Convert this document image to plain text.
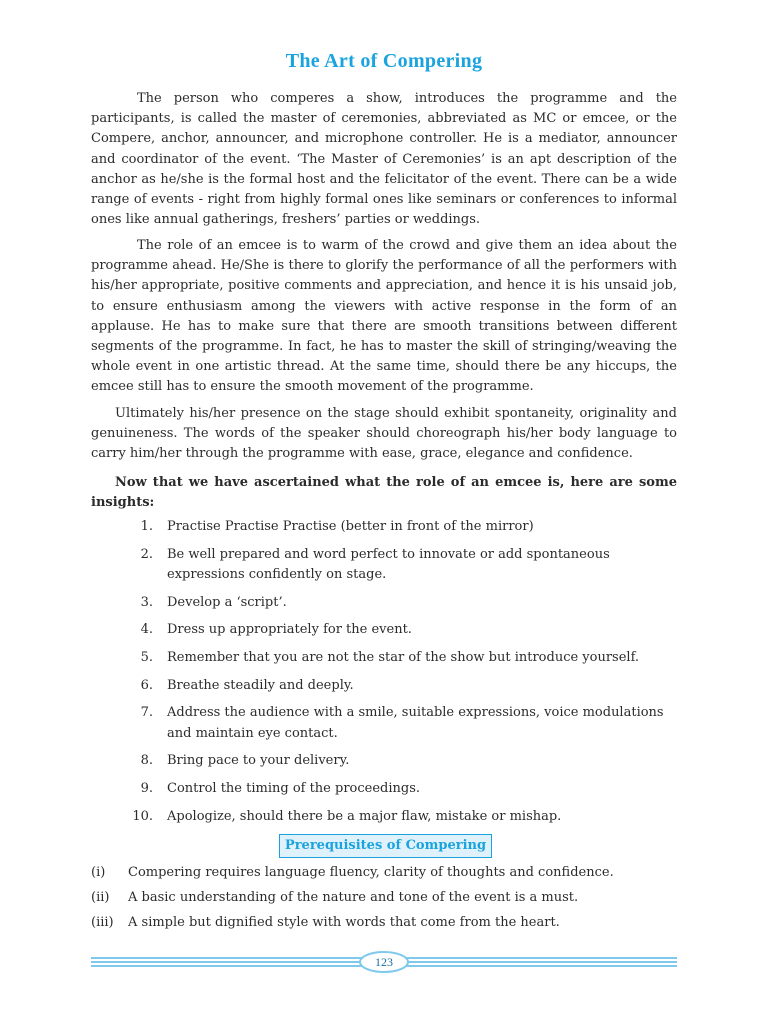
The Art of Compering
The person who comperes a show, introduces the programme and the participants, is called the master of ceremonies, abbreviated as MC or emcee, or the Compere, anchor, announcer, and microphone controller. He is a mediator, announcer and coordinator of the event. ‘The Master of Ceremonies’ is an apt description of the anchor as he/she is the formal host and the felicitator of the event. There can be a wide range of events - right from highly formal ones like seminars or conferences to informal ones like annual gatherings, freshers’ parties or weddings.
The role of an emcee is to warm of the crowd and give them an idea about the programme ahead. He/She is there to glorify the performance of all the performers with his/her appropriate, positive comments and appreciation, and hence it is his unsaid job, to ensure enthusiasm among the viewers with active response in the form of an applause. He has to make sure that there are smooth transitions between different segments of the programme. In fact, he has to master the skill of stringing/weaving the whole event in one artistic thread. At the same time, should there be any hiccups, the emcee still has to ensure the smooth movement of the programme.
Ultimately his/her presence on the stage should exhibit spontaneity, originality and genuineness. The words of the speaker should choreograph his/her body language to carry him/her through the programme with ease, grace, elegance and confidence.
Now that we have ascertained what the role of an emcee is, here are some insights:
1.	Practise Practise Practise (better in front of the mirror)
2.	Be well prepared and word perfect to innovate or add spontaneous expressions confidently on stage.
3.	Develop a ‘script’.
4.	Dress up appropriately for the event.
5.	Remember that you are not the star of the show but introduce yourself.
6.	Breathe steadily and deeply.
7.	Address the audience with a smile, suitable expressions, voice modulations and maintain eye contact.
8.	Bring pace to your delivery.
9.	Control the timing of the proceedings.
10.	Apologize, should there be a major flaw, mistake or mishap.
Prerequisites of Compering
(i)	Compering requires language fluency, clarity of thoughts and confidence.
(ii)	A basic understanding of the nature and tone of the event is a must.
(iii)	A simple but dignified style with words that come from the heart.
123
